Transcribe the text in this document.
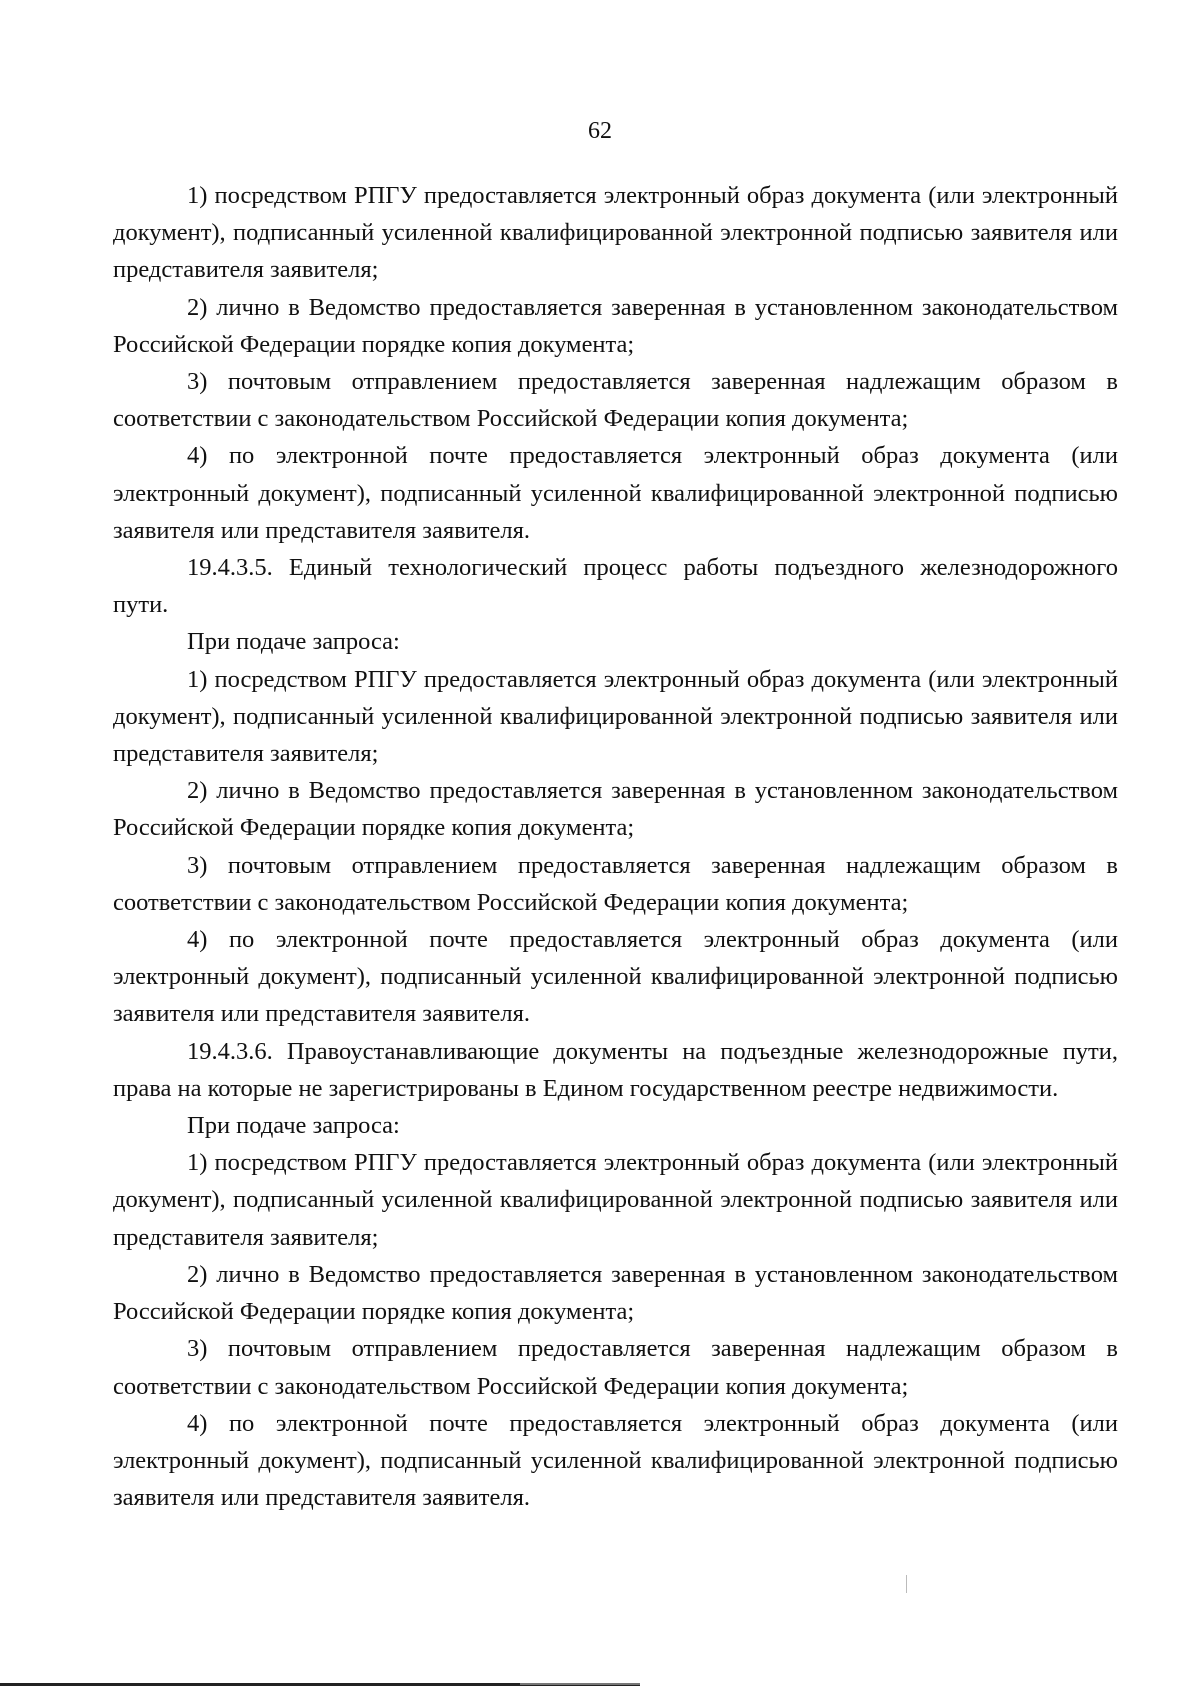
62

1) посредством РПГУ предоставляется электронный образ документа (или электронный документ), подписанный усиленной квалифицированной электронной подписью заявителя или представителя заявителя;

2) лично в Ведомство предоставляется заверенная в установленном законодательством Российской Федерации порядке копия документа;

3) почтовым отправлением предоставляется заверенная надлежащим образом в соответствии с законодательством Российской Федерации копия документа;

4) по электронной почте предоставляется электронный образ документа (или электронный документ), подписанный усиленной квалифицированной электронной подписью заявителя или представителя заявителя.

19.4.3.5. Единый технологический процесс работы подъездного железнодорожного пути.

При подаче запроса:

1) посредством РПГУ предоставляется электронный образ документа (или электронный документ), подписанный усиленной квалифицированной электронной подписью заявителя или представителя заявителя;

2) лично в Ведомство предоставляется заверенная в установленном законодательством Российской Федерации порядке копия документа;

3) почтовым отправлением предоставляется заверенная надлежащим образом в соответствии с законодательством Российской Федерации копия документа;

4) по электронной почте предоставляется электронный образ документа (или электронный документ), подписанный усиленной квалифицированной электронной подписью заявителя или представителя заявителя.

19.4.3.6. Правоустанавливающие документы на подъездные железнодорожные пути, права на которые не зарегистрированы в Едином государственном реестре недвижимости.

При подаче запроса:

1) посредством РПГУ предоставляется электронный образ документа (или электронный документ), подписанный усиленной квалифицированной электронной подписью заявителя или представителя заявителя;

2) лично в Ведомство предоставляется заверенная в установленном законодательством Российской Федерации порядке копия документа;

3) почтовым отправлением предоставляется заверенная надлежащим образом в соответствии с законодательством Российской Федерации копия документа;

4) по электронной почте предоставляется электронный образ документа (или электронный документ), подписанный усиленной квалифицированной электронной подписью заявителя или представителя заявителя.
